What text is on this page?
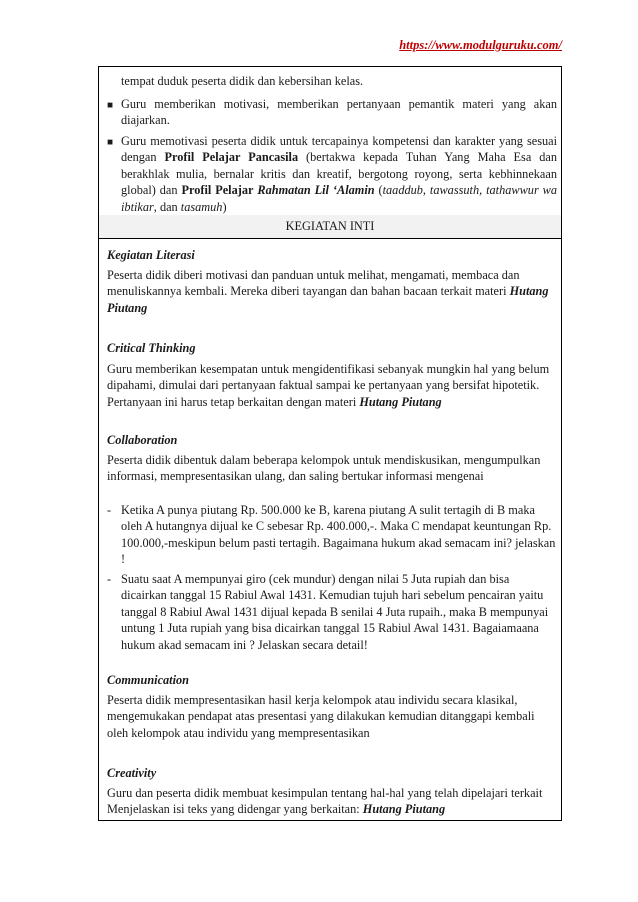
https://www.modulguruku.com/

tempat duduk peserta didik dan kebersihan kelas.

■ Guru memberikan motivasi, memberikan pertanyaan pemantik materi yang akan diajarkan.

■ Guru memotivasi peserta didik untuk tercapainya kompetensi dan karakter yang sesuai dengan Profil Pelajar Pancasila (bertakwa kepada Tuhan Yang Maha Esa dan berakhlak mulia, bernalar kritis dan kreatif, bergotong royong, serta kebhinnekaan global) dan Profil Pelajar Rahmatan Lil ‘Alamin (taaddub, tawassuth, tathawwur wa ibtikar, dan tasamuh)

KEGIATAN INTI

Kegiatan Literasi

Peserta didik diberi motivasi dan panduan untuk melihat, mengamati, membaca dan menuliskannya kembali. Mereka diberi tayangan dan bahan bacaan terkait materi Hutang Piutang

Critical Thinking

Guru memberikan kesempatan untuk mengidentifikasi sebanyak mungkin hal yang belum dipahami, dimulai dari pertanyaan faktual sampai ke pertanyaan yang bersifat hipotetik. Pertanyaan ini harus tetap berkaitan dengan materi Hutang Piutang

Collaboration

Peserta didik dibentuk dalam beberapa kelompok untuk mendiskusikan, mengumpulkan informasi, mempresentasikan ulang, dan saling bertukar informasi mengenai

- Ketika A punya piutang Rp. 500.000 ke B, karena piutang A sulit tertagih di B maka oleh A hutangnya dijual ke C sebesar Rp. 400.000,-. Maka C mendapat keuntungan Rp. 100.000,-meskipun belum pasti tertagih. Bagaimana hukum akad semacam ini? jelaskan !

- Suatu saat A mempunyai giro (cek mundur) dengan nilai 5 Juta rupiah dan bisa dicairkan tanggal 15 Rabiul Awal 1431. Kemudian tujuh hari sebelum pencairan yaitu tanggal 8 Rabiul Awal 1431 dijual kepada B senilai 4 Juta rupaih., maka B mempunyai untung 1 Juta rupiah yang bisa dicairkan tanggal 15 Rabiul Awal 1431. Bagaiamaana hukum akad semacam ini ? Jelaskan secara detail!

Communication

Peserta didik mempresentasikan hasil kerja kelompok atau individu secara klasikal, mengemukakan pendapat atas presentasi yang dilakukan kemudian ditanggapi kembali oleh kelompok atau individu yang mempresentasikan

Creativity

Guru dan peserta didik membuat kesimpulan tentang hal-hal yang telah dipelajari terkait Menjelaskan isi teks yang didengar yang berkaitan: Hutang Piutang
